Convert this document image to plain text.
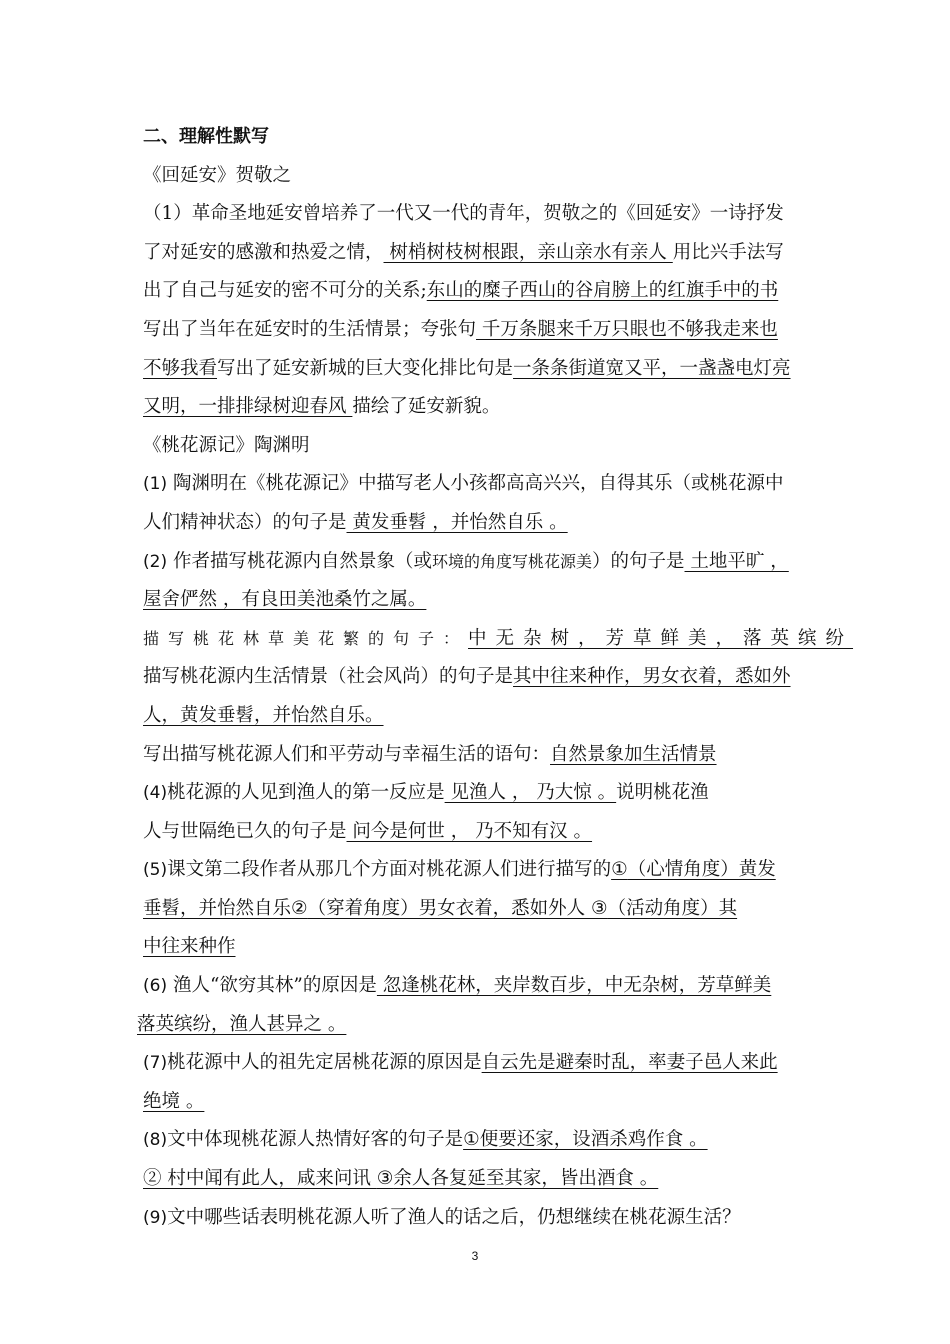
二、理解性默写
《回延安》贺敬之
（1）革命圣地延安曾培养了一代又一代的青年，贺敬之的《回延安》一诗抒发
了对延安的感激和热爱之情， 树梢树枝树根跟，亲山亲水有亲人 用比兴手法写
出了自己与延安的密不可分的关系;东山的糜子西山的谷肩膀上的红旗手中的书
写出了当年在延安时的生活情景；夸张句 千万条腿来千万只眼也不够我走来也
不够我看写出了延安新城的巨大变化排比句是一条条街道宽又平，一盏盏电灯亮
又明，一排排绿树迎春风 描绘了延安新貌。
《桃花源记》陶渊明
(1) 陶渊明在《桃花源记》中描写老人小孩都高高兴兴，自得其乐（或桃花源中
人们精神状态）的句子是 黄发垂髫 ，并怡然自乐 。
(2) 作者描写桃花源内自然景象（或环境的角度写桃花源美）的句子是 土地平旷 ，
屋舍俨然 ，有良田美池桑竹之属。
描写桃花林草美花繁的句子：中无杂树，芳草鲜美，落英缤纷
描写桃花源内生活情景（社会风尚）的句子是其中往来种作，男女衣着，悉如外
人，黄发垂髫，并怡然自乐。
写出描写桃花源人们和平劳动与幸福生活的语句：自然景象加生活情景
(4)桃花源的人见到渔人的第一反应是 见渔人 ， 乃大惊 。说明桃花渔
人与世隔绝已久的句子是 问今是何世 ， 乃不知有汉 。
(5)课文第二段作者从那几个方面对桃花源人们进行描写的①（心情角度）黄发
垂髫，并怡然自乐②（穿着角度）男女衣着，悉如外人 ③（活动角度）其
中往来种作
(6) 渔人“欲穷其林”的原因是 忽逢桃花林，夹岸数百步，中无杂树，芳草鲜美
落英缤纷，渔人甚异之 。
(7)桃花源中人的祖先定居桃花源的原因是自云先是避秦时乱，率妻子邑人来此
绝境 。
(8)文中体现桃花源人热情好客的句子是①便要还家，设酒杀鸡作食 。
② 村中闻有此人，咸来问讯 ③余人各复延至其家，皆出酒食 。
(9)文中哪些话表明桃花源人听了渔人的话之后，仍想继续在桃花源生活？
3
